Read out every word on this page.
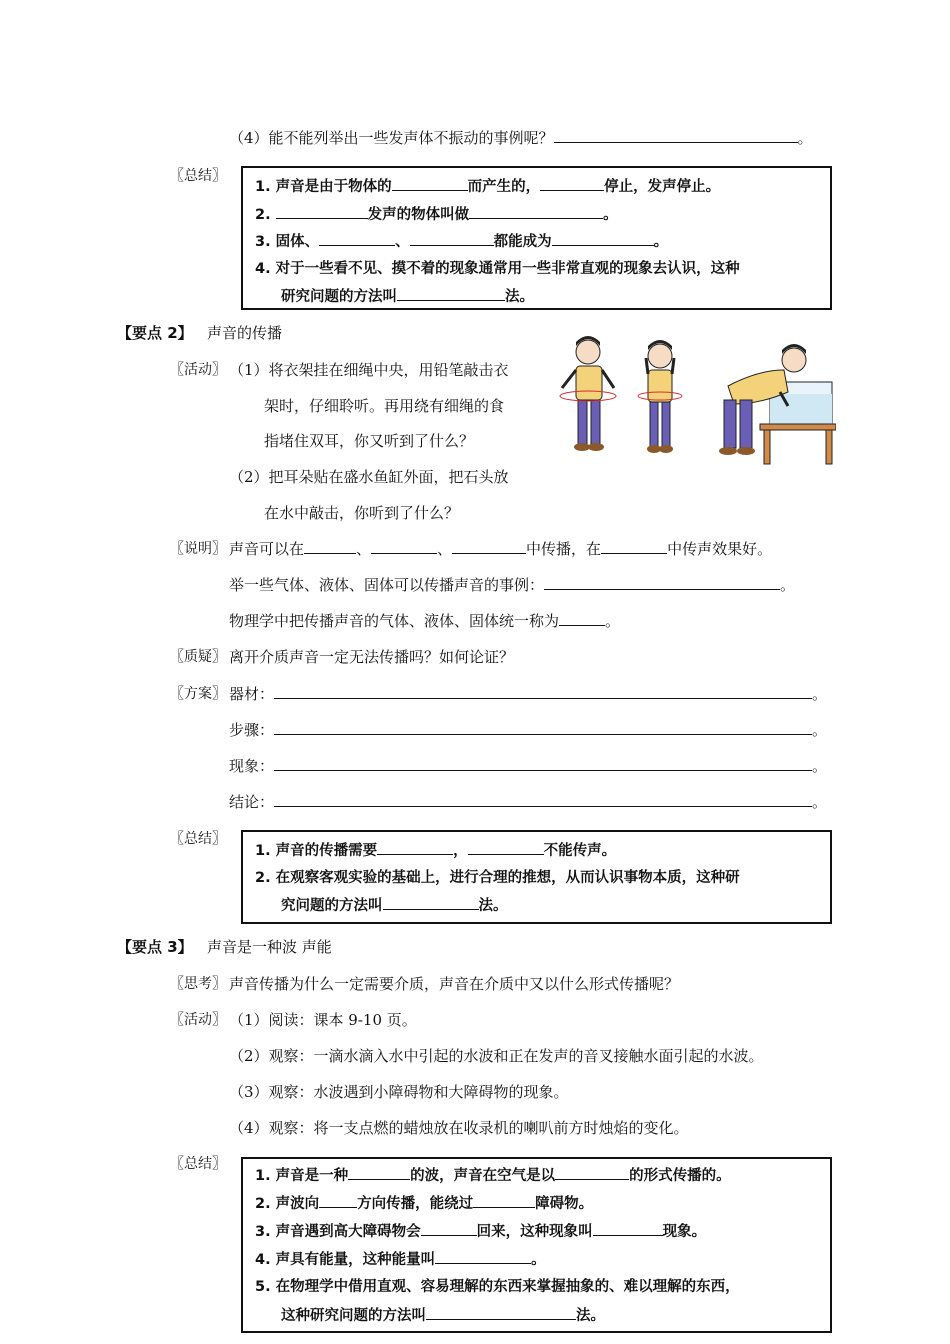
（4）能不能列举出一些发声体不振动的事例呢？	。
〖总结〗
1. 声音是由于物体的	而产生的，	停止，发声停止。
2.	发声的物体叫做	。
3. 固体、	、	都能成为	。
4. 对于一些看不见、摸不着的现象通常用一些非常直观的现象去认识，这种
研究问题的方法叫	法。
【要点 2】 声音的传播
〖活动〗 （1）将衣架挂在细绳中央，用铅笔敲击衣
架时，仔细聆听。再用绕有细绳的食
指堵住双耳，你又听到了什么？
（2）把耳朵贴在盛水鱼缸外面，把石头放
在水中敲击，你听到了什么？
〖说明〗 声音可以在	、	、	中传播，在	中传声效果好。
举一些气体、液体、固体可以传播声音的事例：	。
物理学中把传播声音的气体、液体、固体统一称为	。
〖质疑〗 离开介质声音一定无法传播吗？如何论证？
〖方案〗 器材：	。
步骤：	。
现象：	。
结论：	。
〖总结〗
1. 声音的传播需要	，	不能传声。
2. 在观察客观实验的基础上，进行合理的推想，从而认识事物本质，这种研
究问题的方法叫	法。
【要点 3】 声音是一种波 声能
〖思考〗 声音传播为什么一定需要介质，声音在介质中又以什么形式传播呢？
〖活动〗 （1）阅读：课本 9-10 页。
（2）观察：一滴水滴入水中引起的水波和正在发声的音叉接触水面引起的水波。
（3）观察：水波遇到小障碍物和大障碍物的现象。
（4）观察：将一支点燃的蜡烛放在收录机的喇叭前方时烛焰的变化。
〖总结〗
1. 声音是一种	的波，声音在空气是以	的形式传播的。
2. 声波向	方向传播，能绕过	障碍物。
3. 声音遇到高大障碍物会	回来，这种现象叫	现象。
4. 声具有能量，这种能量叫	。
5. 在物理学中借用直观、容易理解的东西来掌握抽象的、难以理解的东西，
这种研究问题的方法叫	法。
